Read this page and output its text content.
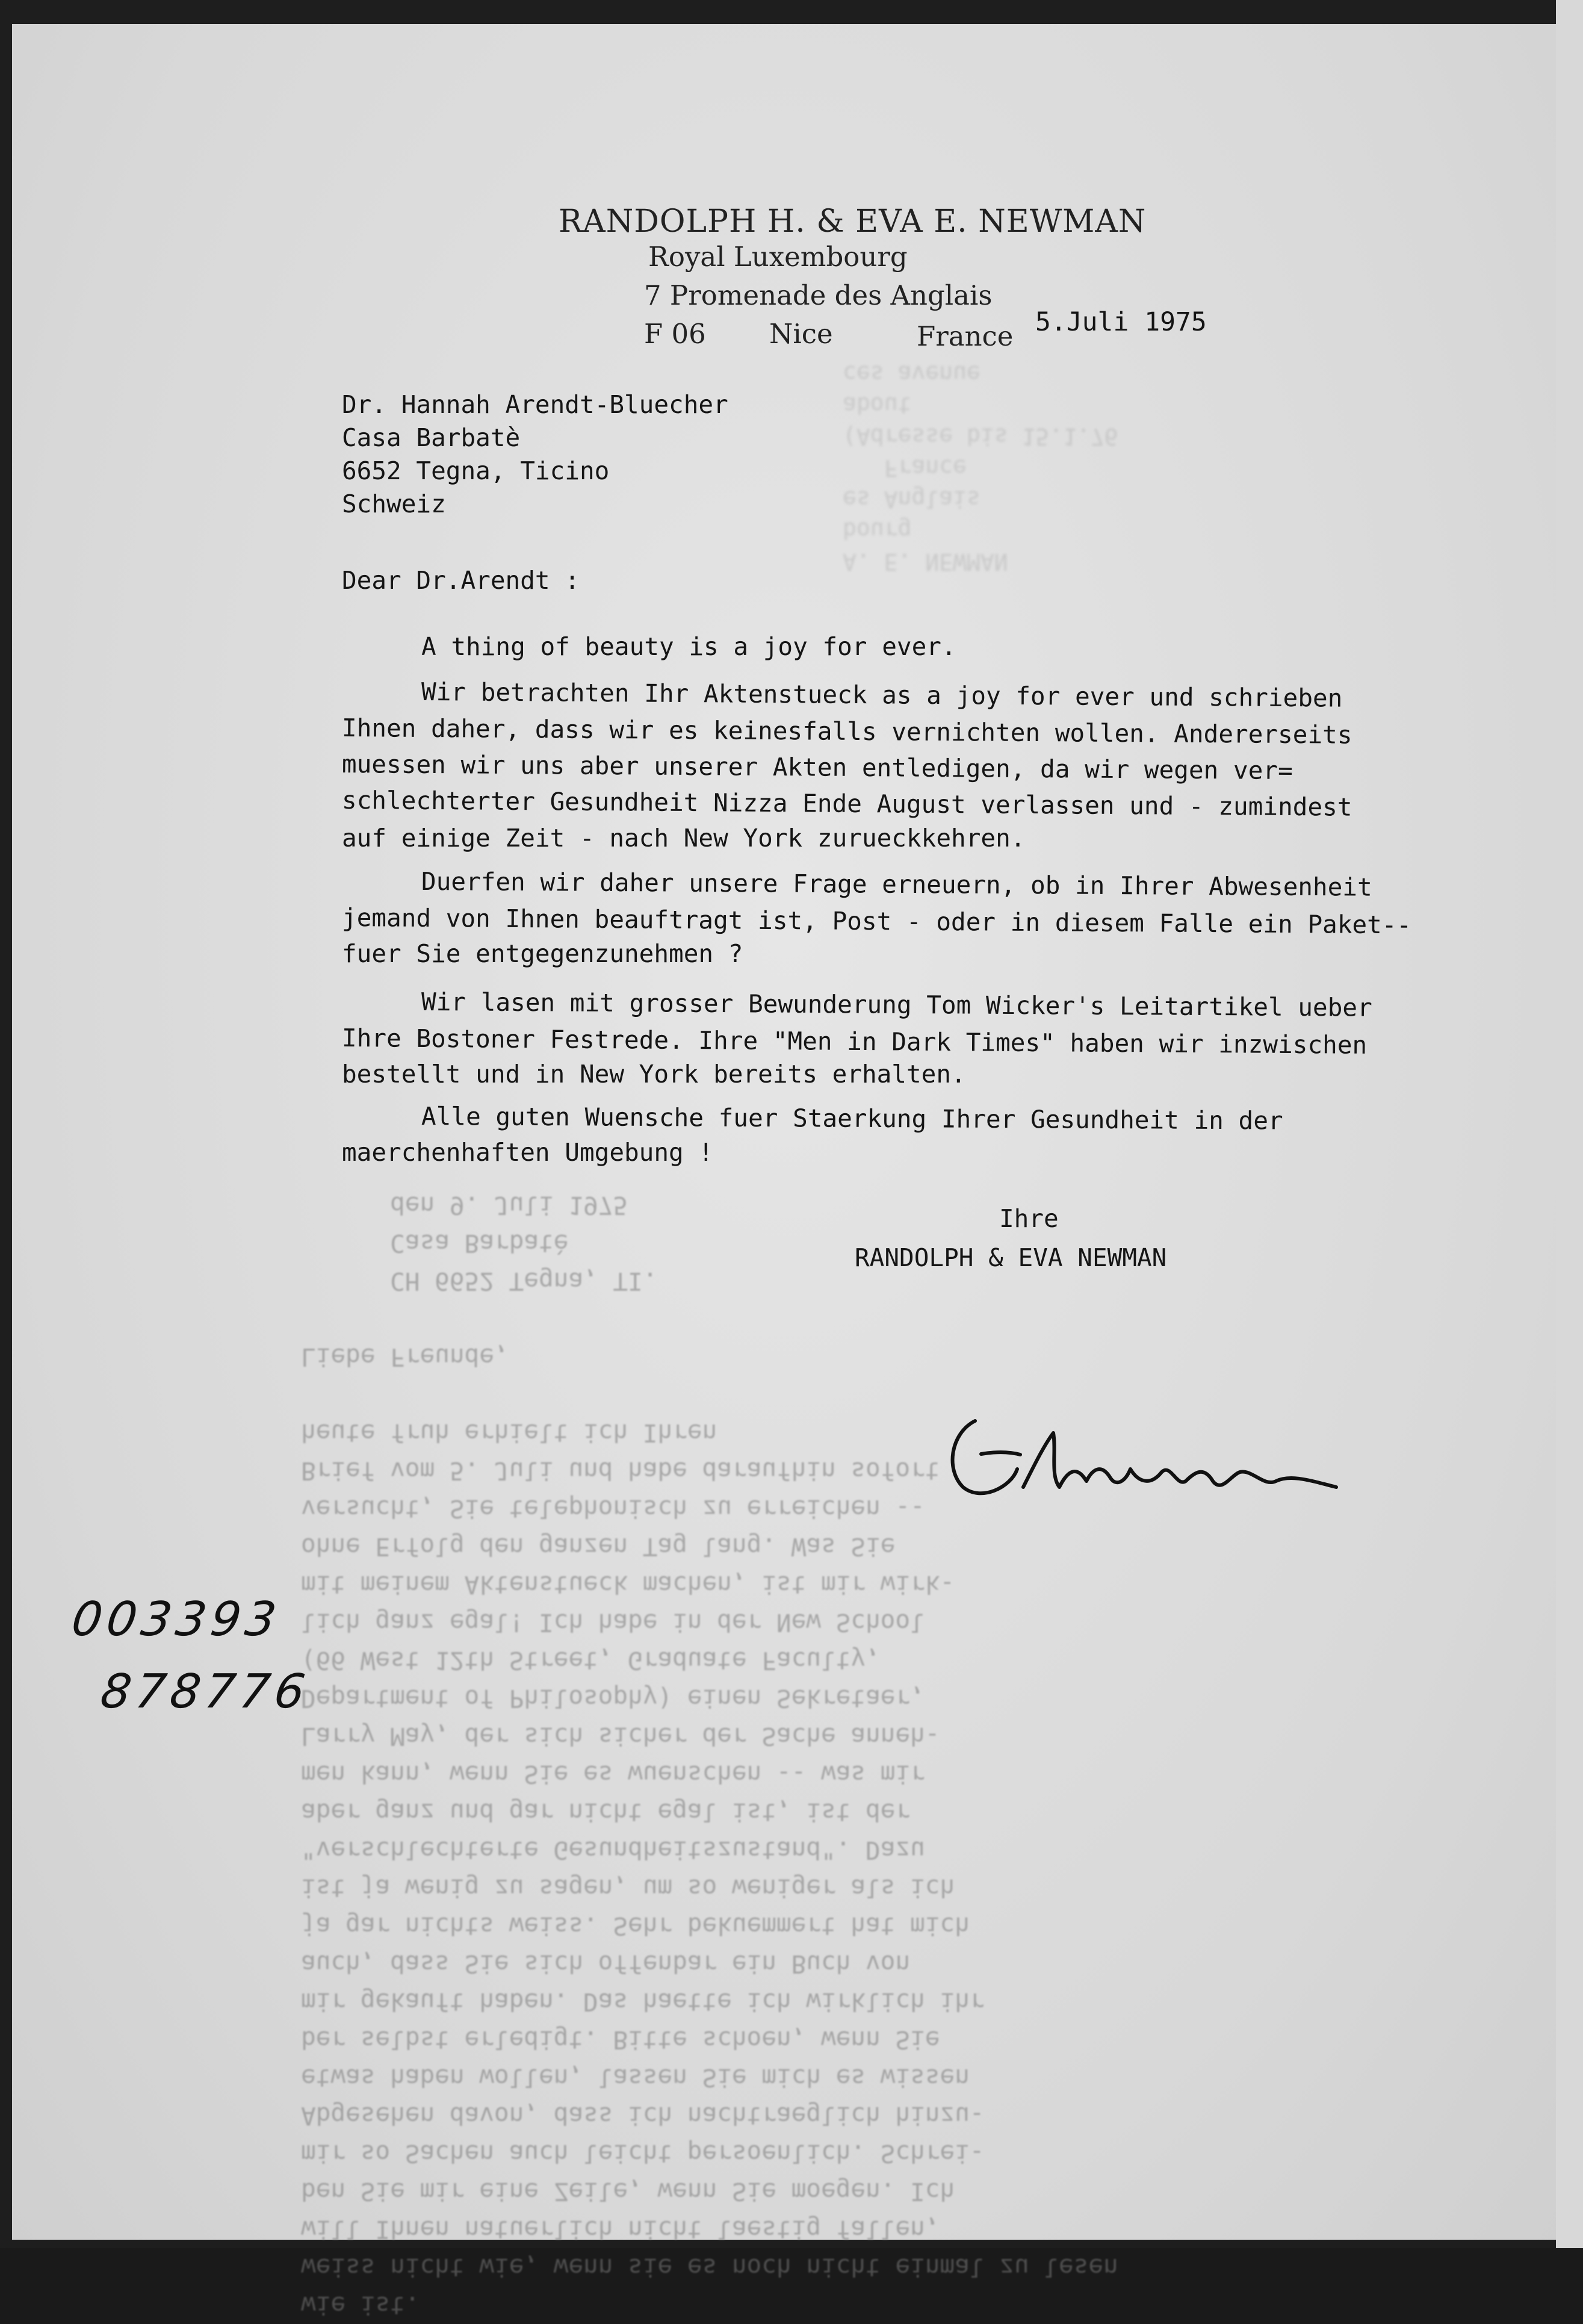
A. E. NEWMAN
bourg
es Anglais
France
(Adresse bis 15.1.76
about
ces avenue
wie ist.
weiss nicht wie, wenn sie es noch nicht einmal zu lesen
will Ihnen natuerlich nicht laestig fallen,
ben Sie mir eine Zeile, wenn Sie moegen. Ich
mir so Sachen auch leicht persoenlich. Schrei-
Abgesehen davon, dass ich nachtraeglich hinzu-
etwas haben wollen, lassen Sie mich es wissen
ber selbst erledigt. Bitte schoen, wenn Sie
mir gekauft haben. Das haette ich wirklich ihr
auch, dass Sie sich offenbar ein Buch von
ja gar nichts weiss. Sehr bekuemmert hat mich
ist ja wenig zu sagen, um so weniger als ich
"verschlechterte Gesundheitszustand". Dazu
aber ganz und gar nicht egal ist, ist der
men kann, wenn Sie es wuenschen -- was mir
Larry May, der sich sicher der Sache anneh-
Department of Philosophy) einen Sekretaer,
(66 West 12th Street, Graduate Faculty,
lich ganz egal! Ich habe in der New School
mit meinem Aktenstueck machen, ist mir wirk-
ohne Erfolg den ganzen Tag lang. Was Sie
versucht, Sie telephonisch zu erreichen --
Brief vom 5. Juli und habe daraufhin sofort
heute fruh erhielt ich Ihren

Liebe Freunde,

CH 6652 Tegna, TI.
Casa Barbatè
den 9. Juli 1975
RANDOLPH H. & EVA E. NEWMAN
Royal Luxembourg
7 Promenade des Anglais
F 06 Nice	France 5.Juli 1975
Dr. Hannah Arendt-Bluecher
Casa Barbatè
6652 Tegna, Ticino
Schweiz
Dear Dr.Arendt :
A thing of beauty is a joy for ever.
Wir betrachten Ihr Aktenstueck as a joy for ever und schrieben
Ihnen daher, dass wir es keinesfalls vernichten wollen. Andererseits
muessen wir uns aber unserer Akten entledigen, da wir wegen ver=
schlechterter Gesundheit Nizza Ende August verlassen und - zumindest
auf einige Zeit - nach New York zurueckkehren.
Duerfen wir daher unsere Frage erneuern, ob in Ihrer Abwesenheit
jemand von Ihnen beauftragt ist, Post - oder in diesem Falle ein Paket--
fuer Sie entgegenzunehmen ?
Wir lasen mit grosser Bewunderung Tom Wicker's Leitartikel ueber
Ihre Bostoner Festrede. Ihre "Men in Dark Times" haben wir inzwischen
bestellt und in New York bereits erhalten.
Alle guten Wuensche fuer Staerkung Ihrer Gesundheit in der
maerchenhaften Umgebung !
Ihre
RANDOLPH & EVA NEWMAN
003393
878776
